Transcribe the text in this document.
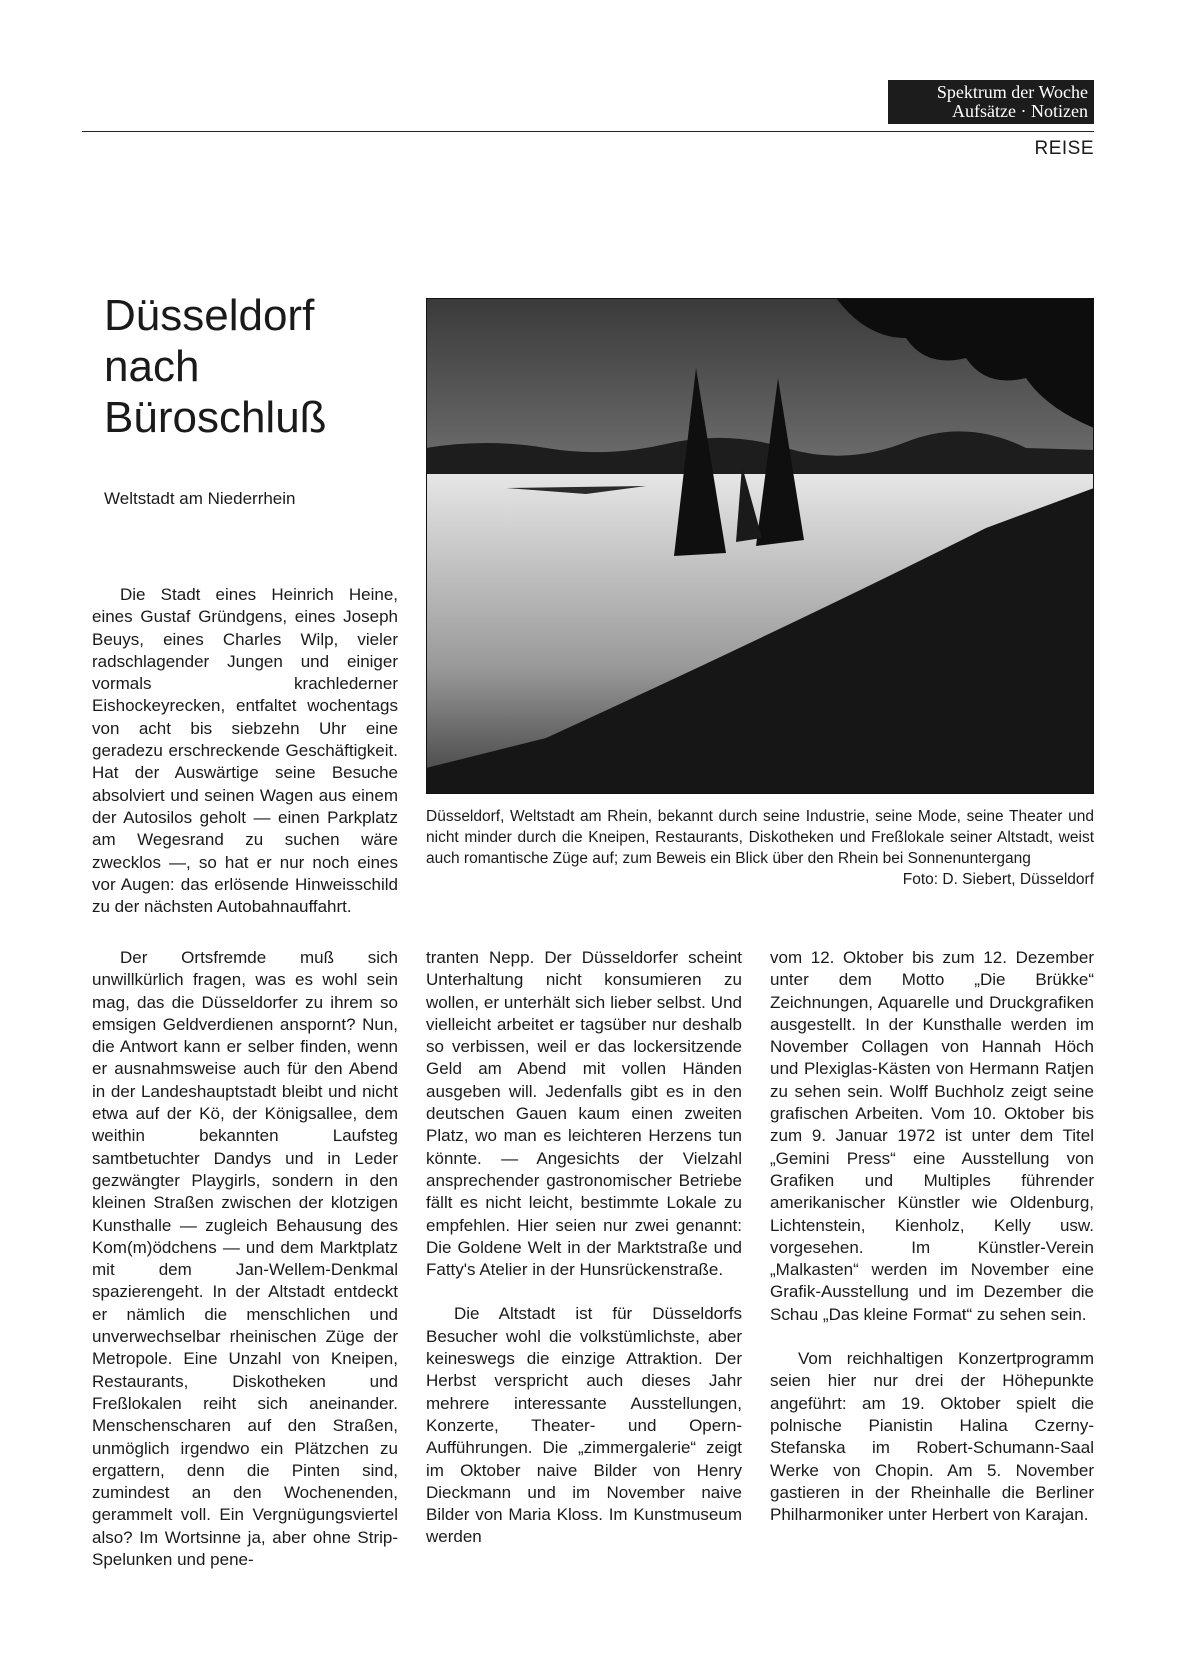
Spektrum der Woche
Aufsätze · Notizen
REISE
Düsseldorf
nach
Büroschluß
Weltstadt am Niederrhein
Düsseldorf, Weltstadt am Rhein, bekannt durch seine Industrie, seine Mode, seine Theater und nicht minder durch die Kneipen, Restaurants, Diskotheken und Freßlokale seiner Altstadt, weist auch romantische Züge auf; zum Beweis ein Blick über den Rhein bei Sonnenuntergang
Foto: D. Siebert, Düsseldorf

Die Stadt eines Heinrich Heine, eines Gustaf Gründgens, eines Joseph Beuys, eines Charles Wilp, vieler radschlagender Jungen und einiger vormals krachlederner Eishockeyrecken, entfaltet wochentags von acht bis siebzehn Uhr eine geradezu erschreckende Geschäftigkeit. Hat der Auswärtige seine Besuche absolviert und seinen Wagen aus einem der Autosilos geholt — einen Parkplatz am Wegesrand zu suchen wäre zwecklos —, so hat er nur noch eines vor Augen: das erlösende Hinweisschild zu der nächsten Autobahnauffahrt.

Der Ortsfremde muß sich unwillkürlich fragen, was es wohl sein mag, das die Düsseldorfer zu ihrem so emsigen Geldverdienen anspornt? Nun, die Antwort kann er selber finden, wenn er ausnahmsweise auch für den Abend in der Landeshauptstadt bleibt und nicht etwa auf der Kö, der Königsallee, dem weithin bekannten Laufsteg samtbetuchter Dandys und in Leder gezwängter Playgirls, sondern in den kleinen Straßen zwischen der klotzigen Kunsthalle — zugleich Behausung des Kom(m)ödchens — und dem Marktplatz mit dem Jan-Wellem-Denkmal spazierengeht. In der Altstadt entdeckt er nämlich die menschlichen und unverwechselbar rheinischen Züge der Metropole. Eine Unzahl von Kneipen, Restaurants, Diskotheken und Freßlokalen reiht sich aneinander. Menschenscharen auf den Straßen, unmöglich irgendwo ein Plätzchen zu ergattern, denn die Pinten sind, zumindest an den Wochenenden, gerammelt voll. Ein Vergnügungsviertel also? Im Wortsinne ja, aber ohne Strip-Spelunken und pene-

tranten Nepp. Der Düsseldorfer scheint Unterhaltung nicht konsumieren zu wollen, er unterhält sich lieber selbst. Und vielleicht arbeitet er tagsüber nur deshalb so verbissen, weil er das lockersitzende Geld am Abend mit vollen Händen ausgeben will. Jedenfalls gibt es in den deutschen Gauen kaum einen zweiten Platz, wo man es leichteren Herzens tun könnte. — Angesichts der Vielzahl ansprechender gastronomischer Betriebe fällt es nicht leicht, bestimmte Lokale zu empfehlen. Hier seien nur zwei genannt: Die Goldene Welt in der Marktstraße und Fatty's Atelier in der Hunsrückenstraße.

Die Altstadt ist für Düsseldorfs Besucher wohl die volkstümlichste, aber keineswegs die einzige Attraktion. Der Herbst verspricht auch dieses Jahr mehrere interessante Ausstellungen, Konzerte, Theater- und Opern-Aufführungen. Die „zimmergalerie“ zeigt im Oktober naive Bilder von Henry Dieckmann und im November naive Bilder von Maria Kloss. Im Kunstmuseum werden

vom 12. Oktober bis zum 12. Dezember unter dem Motto „Die Brükke“ Zeichnungen, Aquarelle und Druckgrafiken ausgestellt. In der Kunsthalle werden im November Collagen von Hannah Höch und Plexiglas-Kästen von Hermann Ratjen zu sehen sein. Wolff Buchholz zeigt seine grafischen Arbeiten. Vom 10. Oktober bis zum 9. Januar 1972 ist unter dem Titel „Gemini Press“ eine Ausstellung von Grafiken und Multiples führender amerikanischer Künstler wie Oldenburg, Lichtenstein, Kienholz, Kelly usw. vorgesehen. Im Künstler-Verein „Malkasten“ werden im November eine Grafik-Ausstellung und im Dezember die Schau „Das kleine Format“ zu sehen sein.

Vom reichhaltigen Konzertprogramm seien hier nur drei der Höhepunkte angeführt: am 19. Oktober spielt die polnische Pianistin Halina Czerny-Stefanska im Robert-Schumann-Saal Werke von Chopin. Am 5. November gastieren in der Rheinhalle die Berliner Philharmoniker unter Herbert von Karajan.
